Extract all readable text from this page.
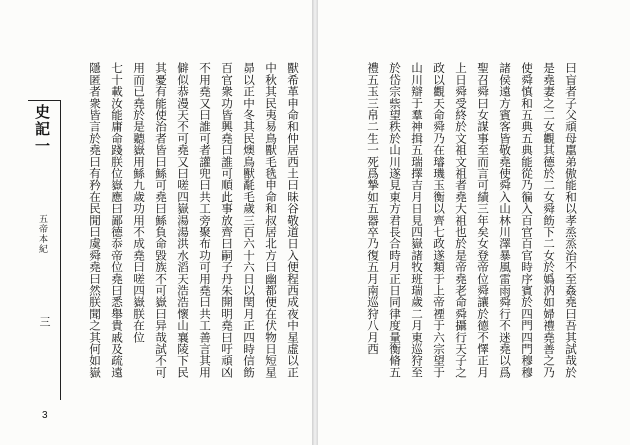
史記一
五帝本紀
三
3
獸希革申命和仲居西土曰昧谷敬道日入便程西成夜中星虛以正
中秋其民夷易鳥獸毛毨申命和叔居北方曰幽都便在伏物日短星
昴以正中冬其民燠鳥獸氄毛歲三百六十六日以閏月正四時信飭
百官衆功皆興堯曰誰可順此事放齊曰嗣子丹朱開明堯曰吁頑凶
不用堯又曰誰可者讙兜曰共工旁聚布功可用堯曰共工善言其用
僻似恭漫天不可堯又曰嗟四嶽湯湯洪水滔天浩浩懷山襄陵下民
其憂有能使治者皆曰鯀可堯曰鯀負命毀族不可嶽曰异哉試不可
用而已堯於是聽嶽用鯀九歲功用不成堯曰嗟四嶽朕在位
七十載汝能庸命踐朕位嶽應曰鄙德忝帝位堯曰悉舉貴戚及疏遠
隱匿者衆皆言於堯曰有矜在民閒曰虞舜堯曰然朕聞之其何如嶽	曰盲者子父頑母嚚弟傲能和以孝烝烝治不至姦堯曰吾其試哉於
是堯妻之二女觀其德於二女舜飭下二女於嬀汭如婦禮堯善之乃
使舜慎和五典五典能從乃徧入百官百官時序賓於四門四門穆穆
諸侯遠方賓客皆敬堯使舜入山林川澤暴風雷雨舜行不迷堯以爲
聖召舜曰女謀事至而言可績三年矣女登帝位舜讓於德不懌正月
上日舜受終於文祖文祖者堯大祖也於是帝堯老命舜攝行天子之
政以觀天命舜乃在璿璣玉衡以齊七政遂類于上帝禋于六宗望于
山川辯于羣神揖五瑞擇吉月日見四嶽諸牧班瑞歲二月東巡狩至
於岱宗祡望秩於山川遂見東方君長合時月正日同律度量衡脩五
禮五玉三帛二生一死爲摯如五器卒乃復五月南巡狩八月西
